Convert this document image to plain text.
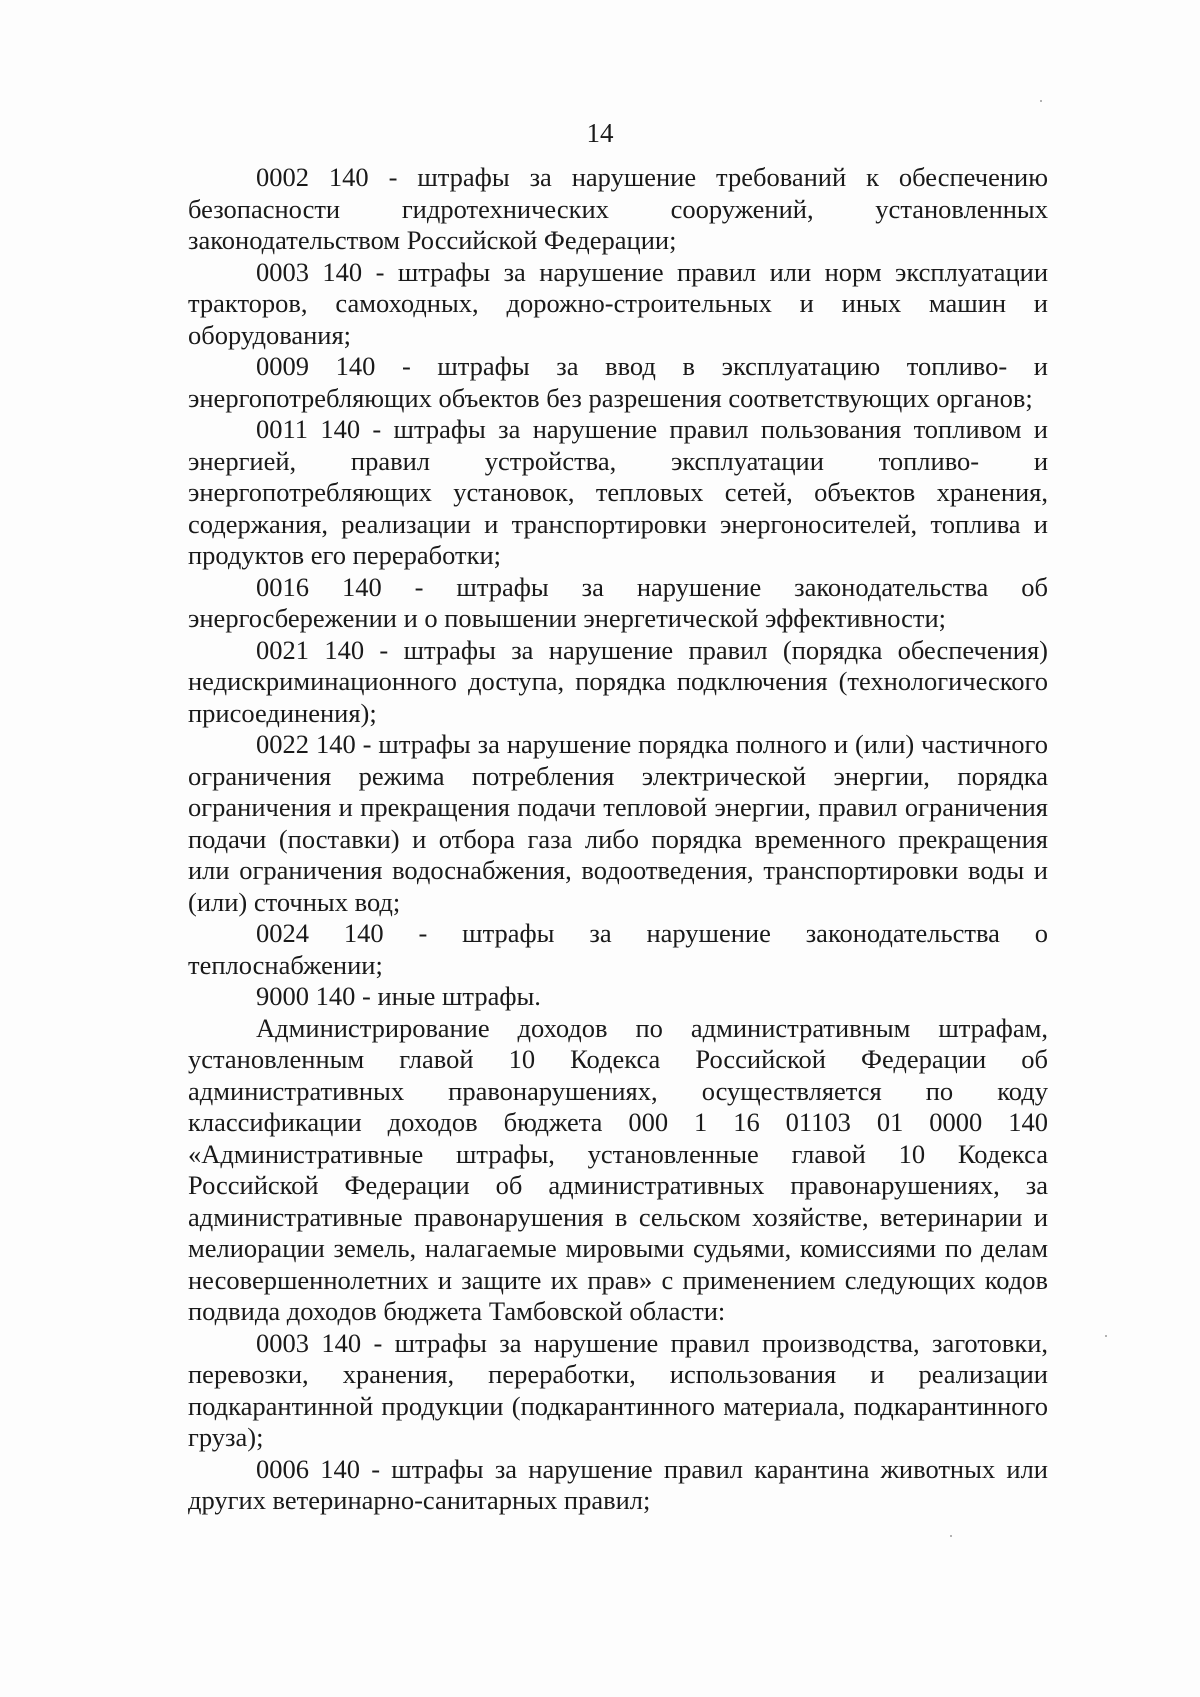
14

0002 140 - штрафы за нарушение требований к обеспечению безопасности гидротехнических сооружений, установленных законодательством Российской Федерации;

0003 140 - штрафы за нарушение правил или норм эксплуатации тракторов, самоходных, дорожно-строительных и иных машин и оборудования;

0009 140 - штрафы за ввод в эксплуатацию топливо- и энергопотребляющих объектов без разрешения соответствующих органов;

0011 140 - штрафы за нарушение правил пользования топливом и энергией, правил устройства, эксплуатации топливо- и энергопотребляющих установок, тепловых сетей, объектов хранения, содержания, реализации и транспортировки энергоносителей, топлива и продуктов его переработки;

0016 140 - штрафы за нарушение законодательства об энергосбережении и о повышении энергетической эффективности;

0021 140 - штрафы за нарушение правил (порядка обеспечения) недискриминационного доступа, порядка подключения (технологического присоединения);

0022 140 - штрафы за нарушение порядка полного и (или) частичного ограничения режима потребления электрической энергии, порядка ограничения и прекращения подачи тепловой энергии, правил ограничения подачи (поставки) и отбора газа либо порядка временного прекращения или ограничения водоснабжения, водоотведения, транспортировки воды и (или) сточных вод;

0024 140 - штрафы за нарушение законодательства о теплоснабжении;

9000 140 - иные штрафы.

Администрирование доходов по административным штрафам, установленным главой 10 Кодекса Российской Федерации об административных правонарушениях, осуществляется по коду классификации доходов бюджета 000 1 16 01103 01 0000 140 «Административные штрафы, установленные главой 10 Кодекса Российской Федерации об административных правонарушениях, за административные правонарушения в сельском хозяйстве, ветеринарии и мелиорации земель, налагаемые мировыми судьями, комиссиями по делам несовершеннолетних и защите их прав» с применением следующих кодов подвида доходов бюджета Тамбовской области:

0003 140 - штрафы за нарушение правил производства, заготовки, перевозки, хранения, переработки, использования и реализации подкарантинной продукции (подкарантинного материала, подкарантинного груза);

0006 140 - штрафы за нарушение правил карантина животных или других ветеринарно-санитарных правил;
